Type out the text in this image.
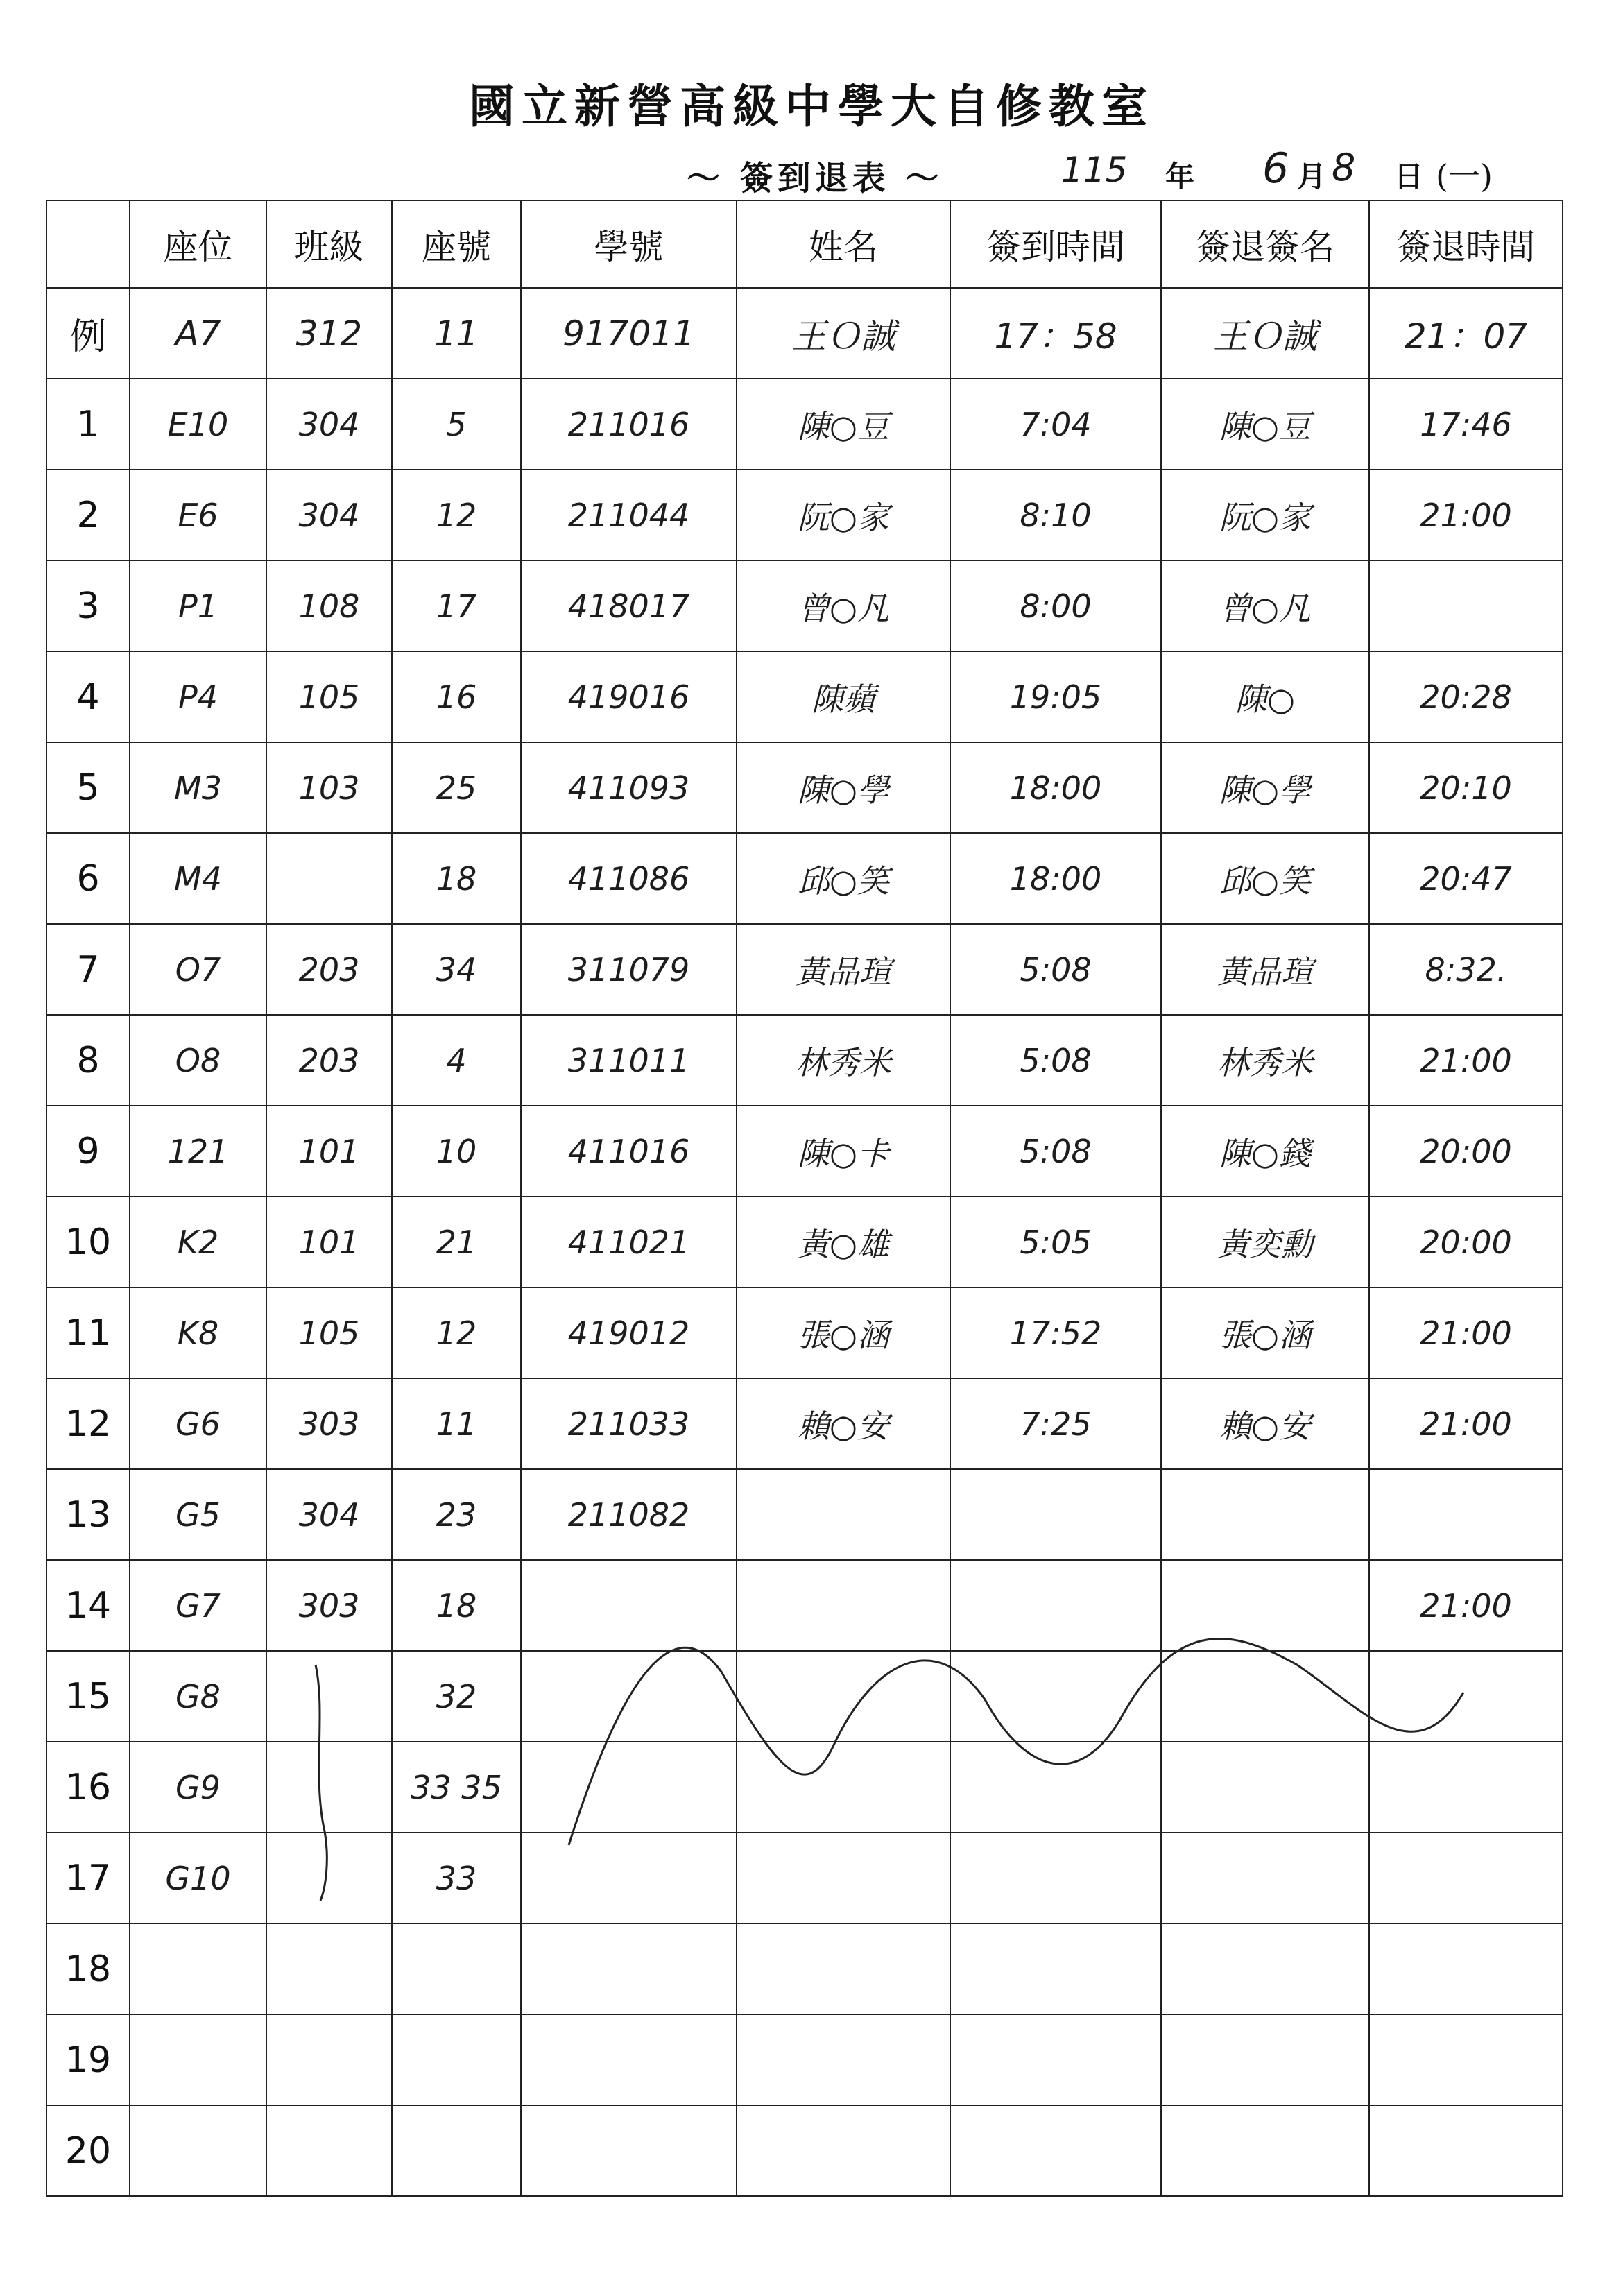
國立新營高級中學大自修教室
～ 簽到退表 ～	115 年 6 月 8 日 (一)
	座位	班級	座號	學號	姓名	簽到時間	簽退簽名	簽退時間
例	A7	312	11	917011	王Ｏ誠	17：58	王Ｏ誠	21：07
1	E10	304	5	211016	陳○豆	7:04	陳○豆	17:46
2	E6	304	12	211044	阮○家	8:10	阮○家	21:00
3	P1	108	17	418017	曾○凡	8:00	曾○凡	
4	P4	105	16	419016	陳蘋	19:05	陳○	20:28
5	M3	103	25	411093	陳○學	18:00	陳○學	20:10
6	M4		18	411086	邱○笑	18:00	邱○笑	20:47
7	O7	203	34	311079	黃品瑄	5:08	黃品瑄	8:32.
8	O8	203	4	311011	林秀米	5:08	林秀米	21:00
9	121	101	10	411016	陳○卡	5:08	陳○錢	20:00
10	K2	101	21	411021	黃○雄	5:05	黃奕勳	20:00
11	K8	105	12	419012	張○涵	17:52	張○涵	21:00
12	G6	303	11	211033	賴○安	7:25	賴○安	21:00
13	G5	304	23	211082				
14	G7	303	18					21:00
15	G8		32					
16	G9		33 35					
17	G10		33					
18								
19								
20								
